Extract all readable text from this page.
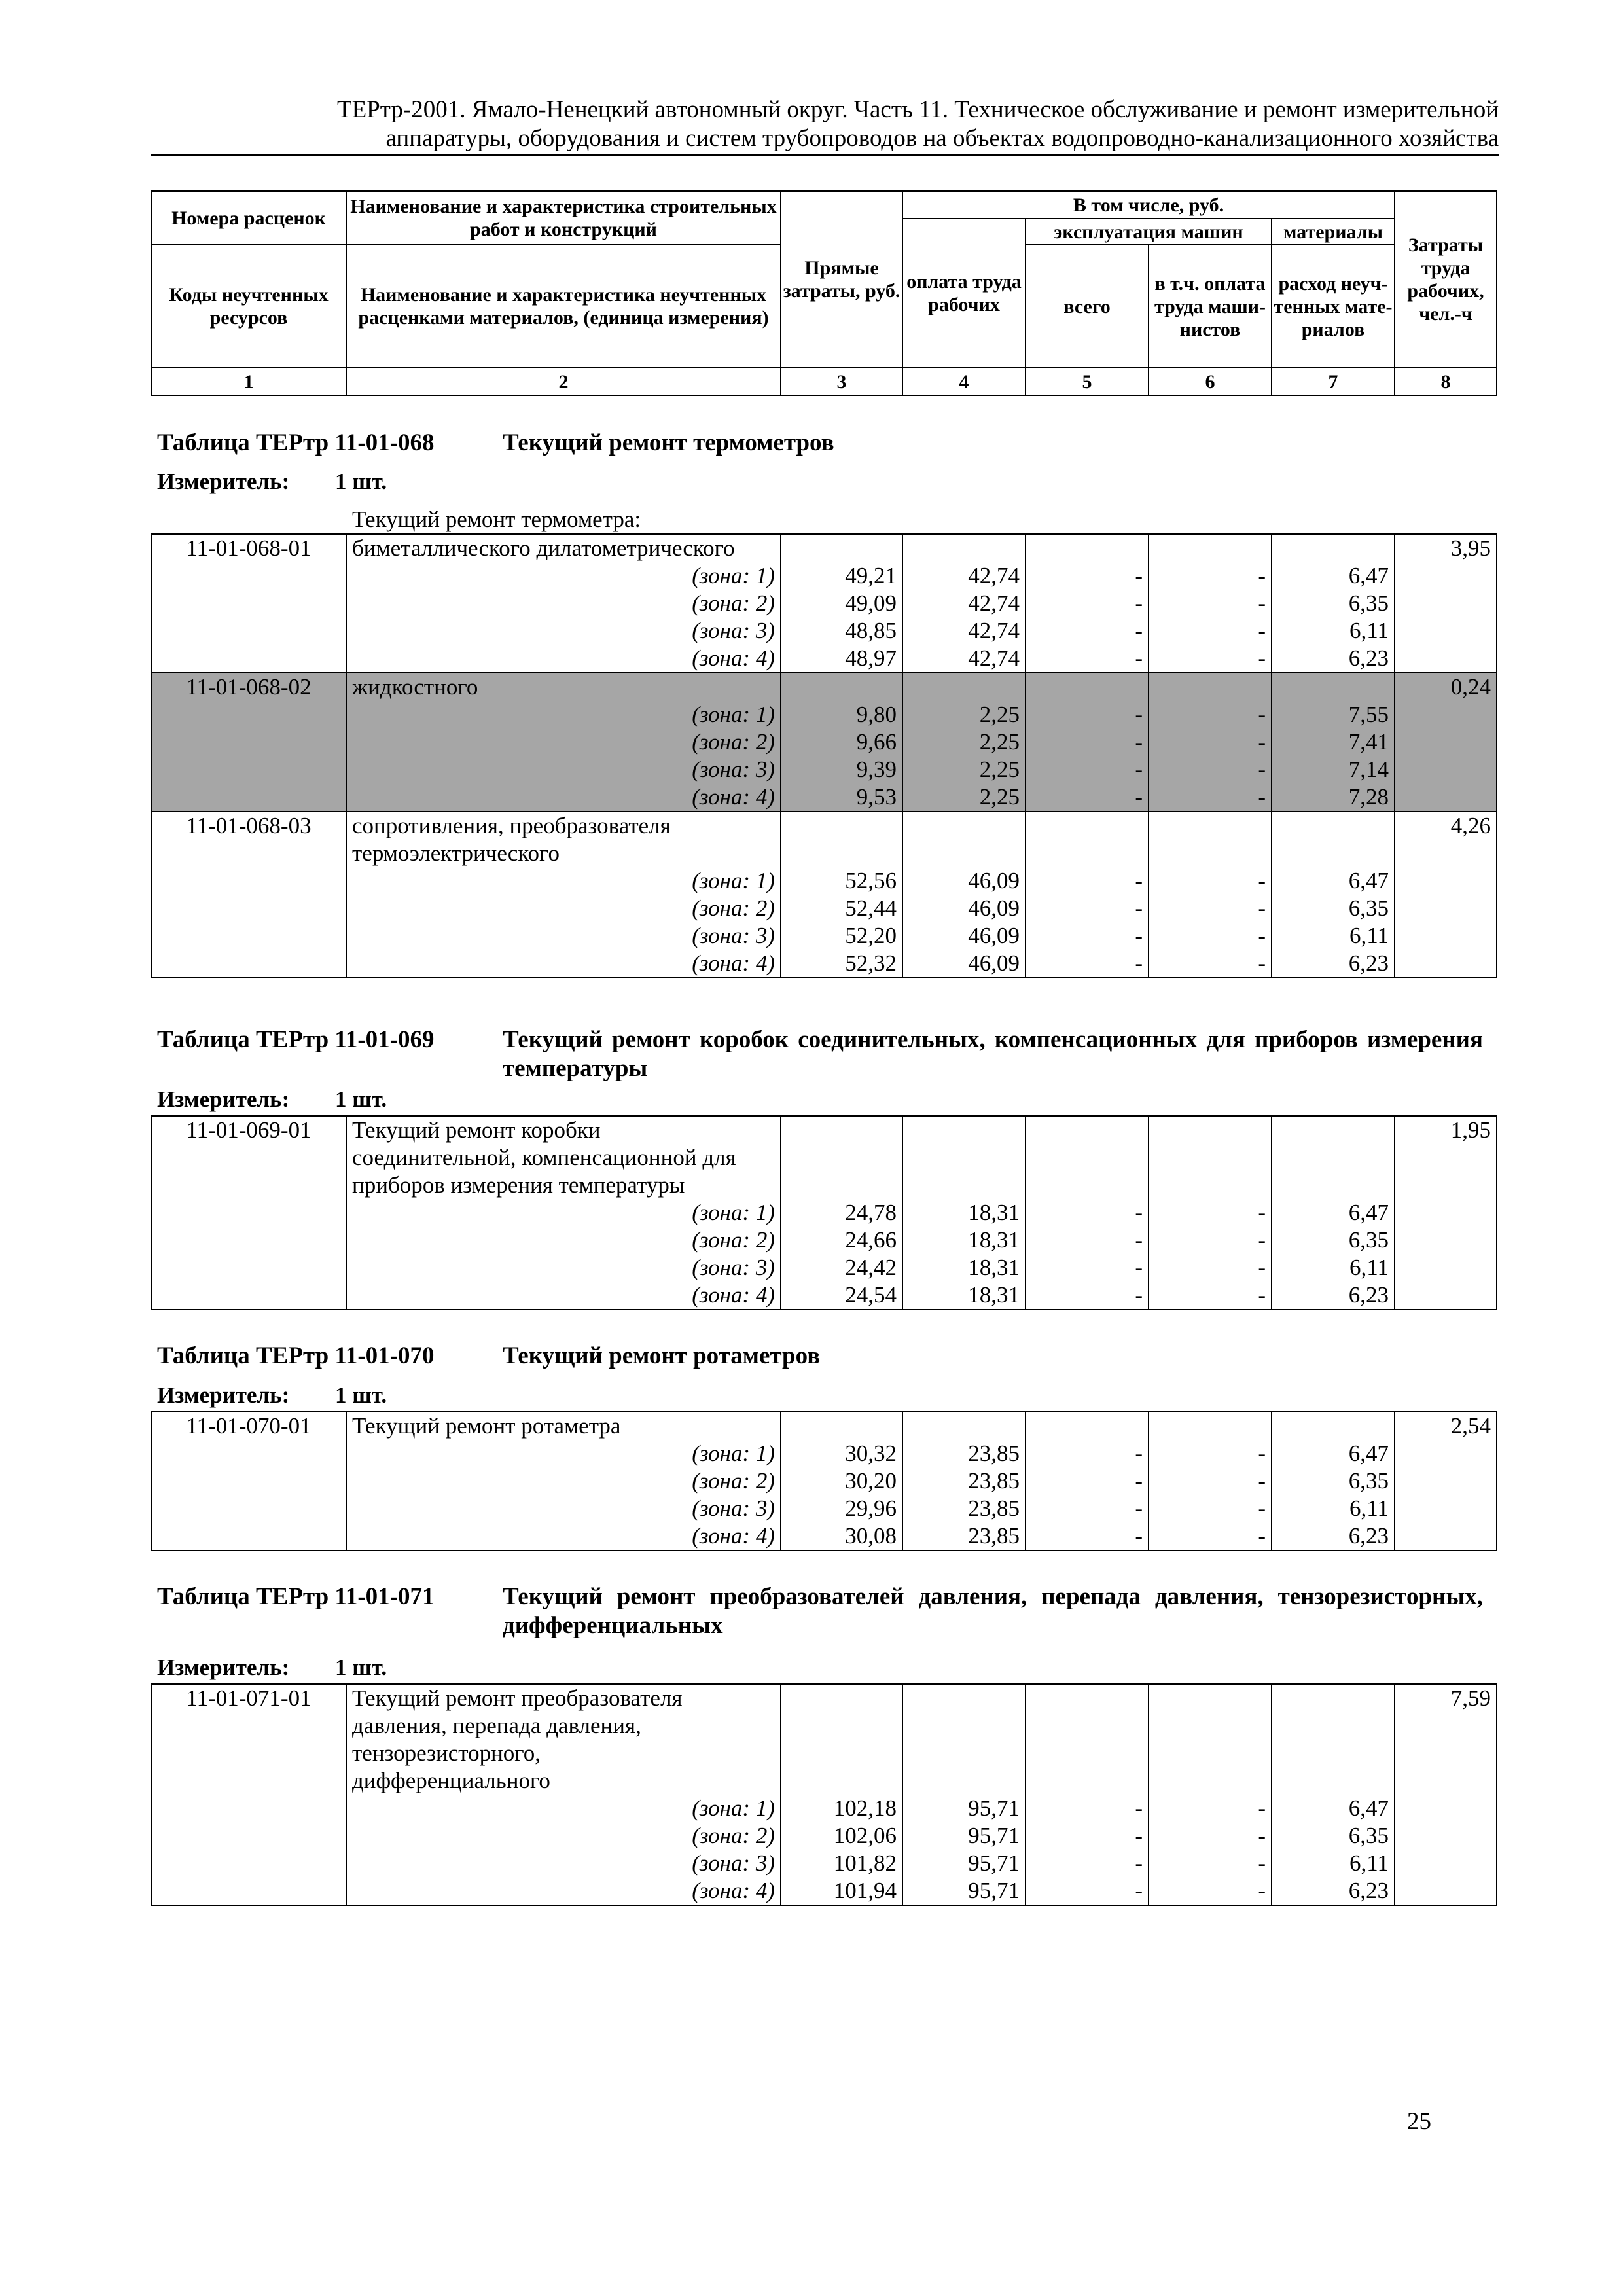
ТЕРтр-2001. Ямало-Ненецкий автономный округ. Часть 11. Техническое обслуживание и ремонт измерительной
аппаратуры, оборудования и систем трубопроводов на объектах водопроводно-канализационного хозяйства
Номера расценок	Наименование и характеристика строительных работ и конструкций	Прямые затраты, руб.	В том числе, руб.				Затраты труда рабочих, чел.-ч
			оплата труда рабочих	эксплуатация машин		материалы	
Коды неучтенных ресурсов	Наименование и характеристика неучтенных расценками материалов, (единица измерения)			всего	в т.ч. оплата труда маши-нистов	расход неуч-тенных мате-риалов	

1	2	3	4	5	6	7	8
Таблица ТЕРтр 11-01-068	Текущий ремонт термометров
Измеритель: 1 шт.
Текущий ремонт термометра:
11-01-068-01	биметаллического дилатометрического						3,95
	(зона: 1)	49,21	42,74	-	-	6,47	
	(зона: 2)	49,09	42,74	-	-	6,35	
	(зона: 3)	48,85	42,74	-	-	6,11	
	(зона: 4)	48,97	42,74	-	-	6,23	
11-01-068-02	жидкостного						0,24
	(зона: 1)	9,80	2,25	-	-	7,55	
	(зона: 2)	9,66	2,25	-	-	7,41	
	(зона: 3)	9,39	2,25	-	-	7,14	
	(зона: 4)	9,53	2,25	-	-	7,28	
11-01-068-03	сопротивления, преобразователя						4,26
	термоэлектрического						
	(зона: 1)	52,56	46,09	-	-	6,47	
	(зона: 2)	52,44	46,09	-	-	6,35	
	(зона: 3)	52,20	46,09	-	-	6,11	
	(зона: 4)	52,32	46,09	-	-	6,23	
Таблица ТЕРтр 11-01-069	Текущий ремонт коробок соединительных, компенсационных для приборов измерения температуры
Измеритель: 1 шт.
11-01-069-01	Текущий ремонт коробки						1,95
	соединительной, компенсационной для						
	приборов измерения температуры						
	(зона: 1)	24,78	18,31	-	-	6,47	
	(зона: 2)	24,66	18,31	-	-	6,35	
	(зона: 3)	24,42	18,31	-	-	6,11	
	(зона: 4)	24,54	18,31	-	-	6,23	
Таблица ТЕРтр 11-01-070	Текущий ремонт ротаметров
Измеритель: 1 шт.
11-01-070-01	Текущий ремонт ротаметра						2,54
	(зона: 1)	30,32	23,85	-	-	6,47	
	(зона: 2)	30,20	23,85	-	-	6,35	
	(зона: 3)	29,96	23,85	-	-	6,11	
	(зона: 4)	30,08	23,85	-	-	6,23	
Таблица ТЕРтр 11-01-071	Текущий ремонт преобразователей давления, перепада давления, тензорезисторных, дифференциальных
Измеритель: 1 шт.
11-01-071-01	Текущий ремонт преобразователя						7,59
	давления, перепада давления,						
	тензорезисторного,						
	дифференциального						
	(зона: 1)	102,18	95,71	-	-	6,47	
	(зона: 2)	102,06	95,71	-	-	6,35	
	(зона: 3)	101,82	95,71	-	-	6,11	
	(зона: 4)	101,94	95,71	-	-	6,23	
25
